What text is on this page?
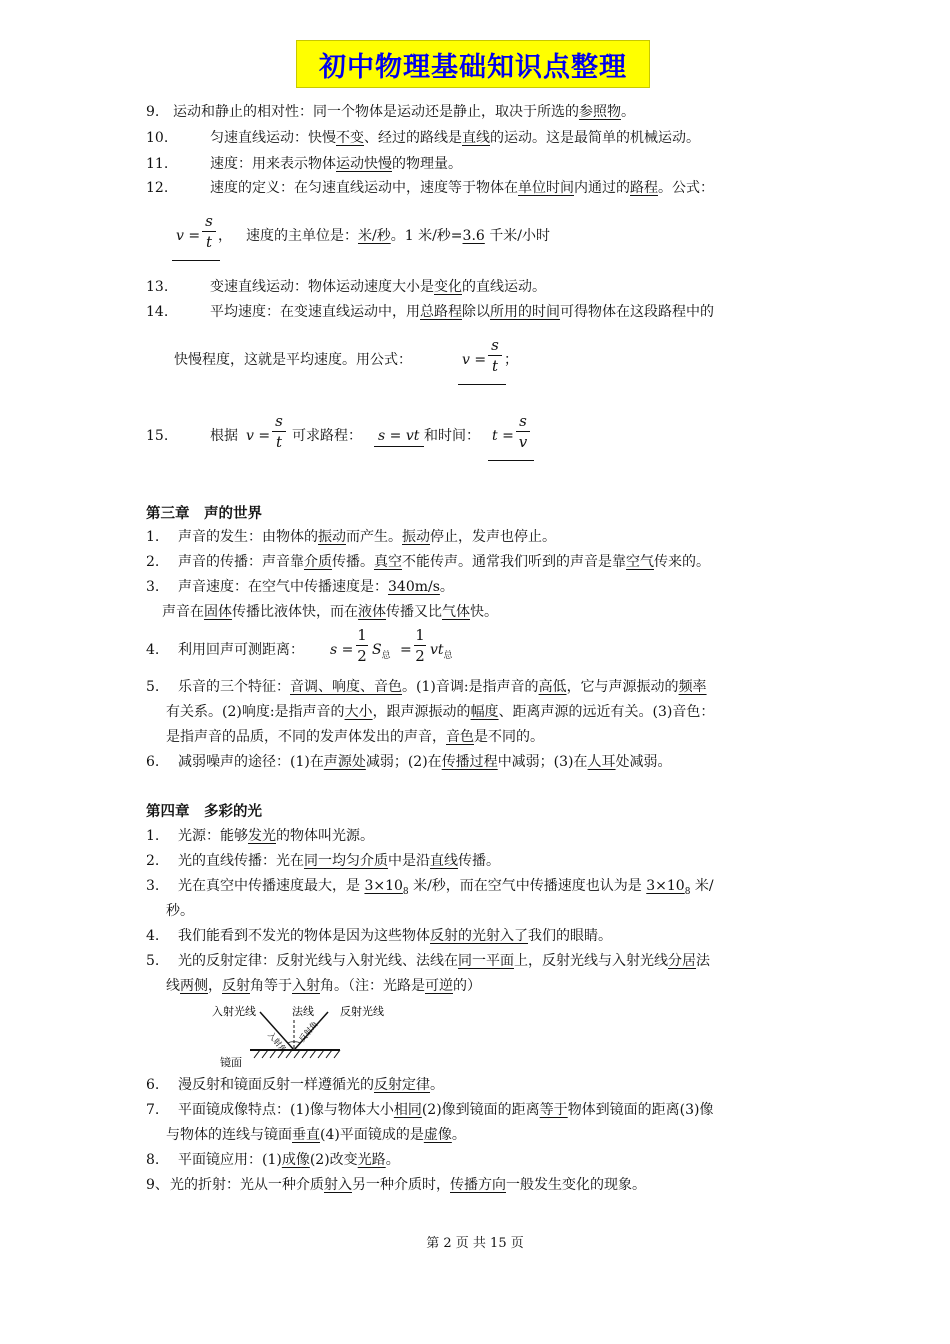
初中物理基础知识点整理
9. 运动和静止的相对性：同一个物体是运动还是静止，取决于所选的参照物。
10.	匀速直线运动：快慢不变、经过的路线是直线的运动。这是最简单的机械运动。
11.	速度：用来表示物体运动快慢的物理量。
12.	速度的定义：在匀速直线运动中，速度等于物体在单位时间内通过的路程。公式：
v =
s
t ， 速度的主单位是：米/秒。1 米/秒=3.6 千米/小时
13.	变速直线运动：物体运动速度大小是变化的直线运动。
14.	平均速度：在变速直线运动中，用总路程除以所用的时间可得物体在这段路程中的
快慢程度，这就是平均速度。用公式：	v =
s
t ；
15.	根据 v =
s
t 可求路程： s = vt 和时间： t =
s
v
第三章　声的世界
1. 声音的发生：由物体的振动而产生。振动停止，发声也停止。
2. 声音的传播：声音靠介质传播。真空不能传声。通常我们听到的声音是靠空气传来的。
3. 声音速度：在空气中传播速度是：340m/s。
声音在固体传播比液体快，而在液体传播又比气体快。
4. 利用回声可测距离： s =
1
2 $S_总$ =
1
2 $vt_总$
5. 乐音的三个特征：音调、响度、音色。(1)音调:是指声音的高低，它与声源振动的频率
有关系。(2)响度:是指声音的大小，跟声源振动的幅度、距离声源的远近有关。(3)音色：
是指声音的品质，不同的发声体发出的声音，音色是不同的。
6. 减弱噪声的途径：(1)在声源处减弱；(2)在传播过程中减弱；(3)在人耳处减弱。
第四章　多彩的光
1. 光源：能够发光的物体叫光源。
2. 光的直线传播：光在同一均匀介质中是沿直线传播。
3. 光在真空中传播速度最大，是 $3\times 10_8$ 米/秒，而在空气中传播速度也认为是 $3\times 10_8$ 米/
秒。
4. 我们能看到不发光的物体是因为这些物体反射的光射入了我们的眼睛。
5. 光的反射定律：反射光线与入射光线、法线在同一平面上，反射光线与入射光线分居法
线两侧，反射角等于入射角。（注：光路是可逆的）
入射光线	法线 反射光线
入射角 反射角
镜面
6. 漫反射和镜面反射一样遵循光的反射定律。
7. 平面镜成像特点：(1)像与物体大小相同(2)像到镜面的距离等于物体到镜面的距离(3)像
与物体的连线与镜面垂直(4)平面镜成的是虚像。
8. 平面镜应用：(1)成像(2)改变光路。
9、光的折射：光从一种介质射入另一种介质时，传播方向一般发生变化的现象。
第 2 页 共 15 页
